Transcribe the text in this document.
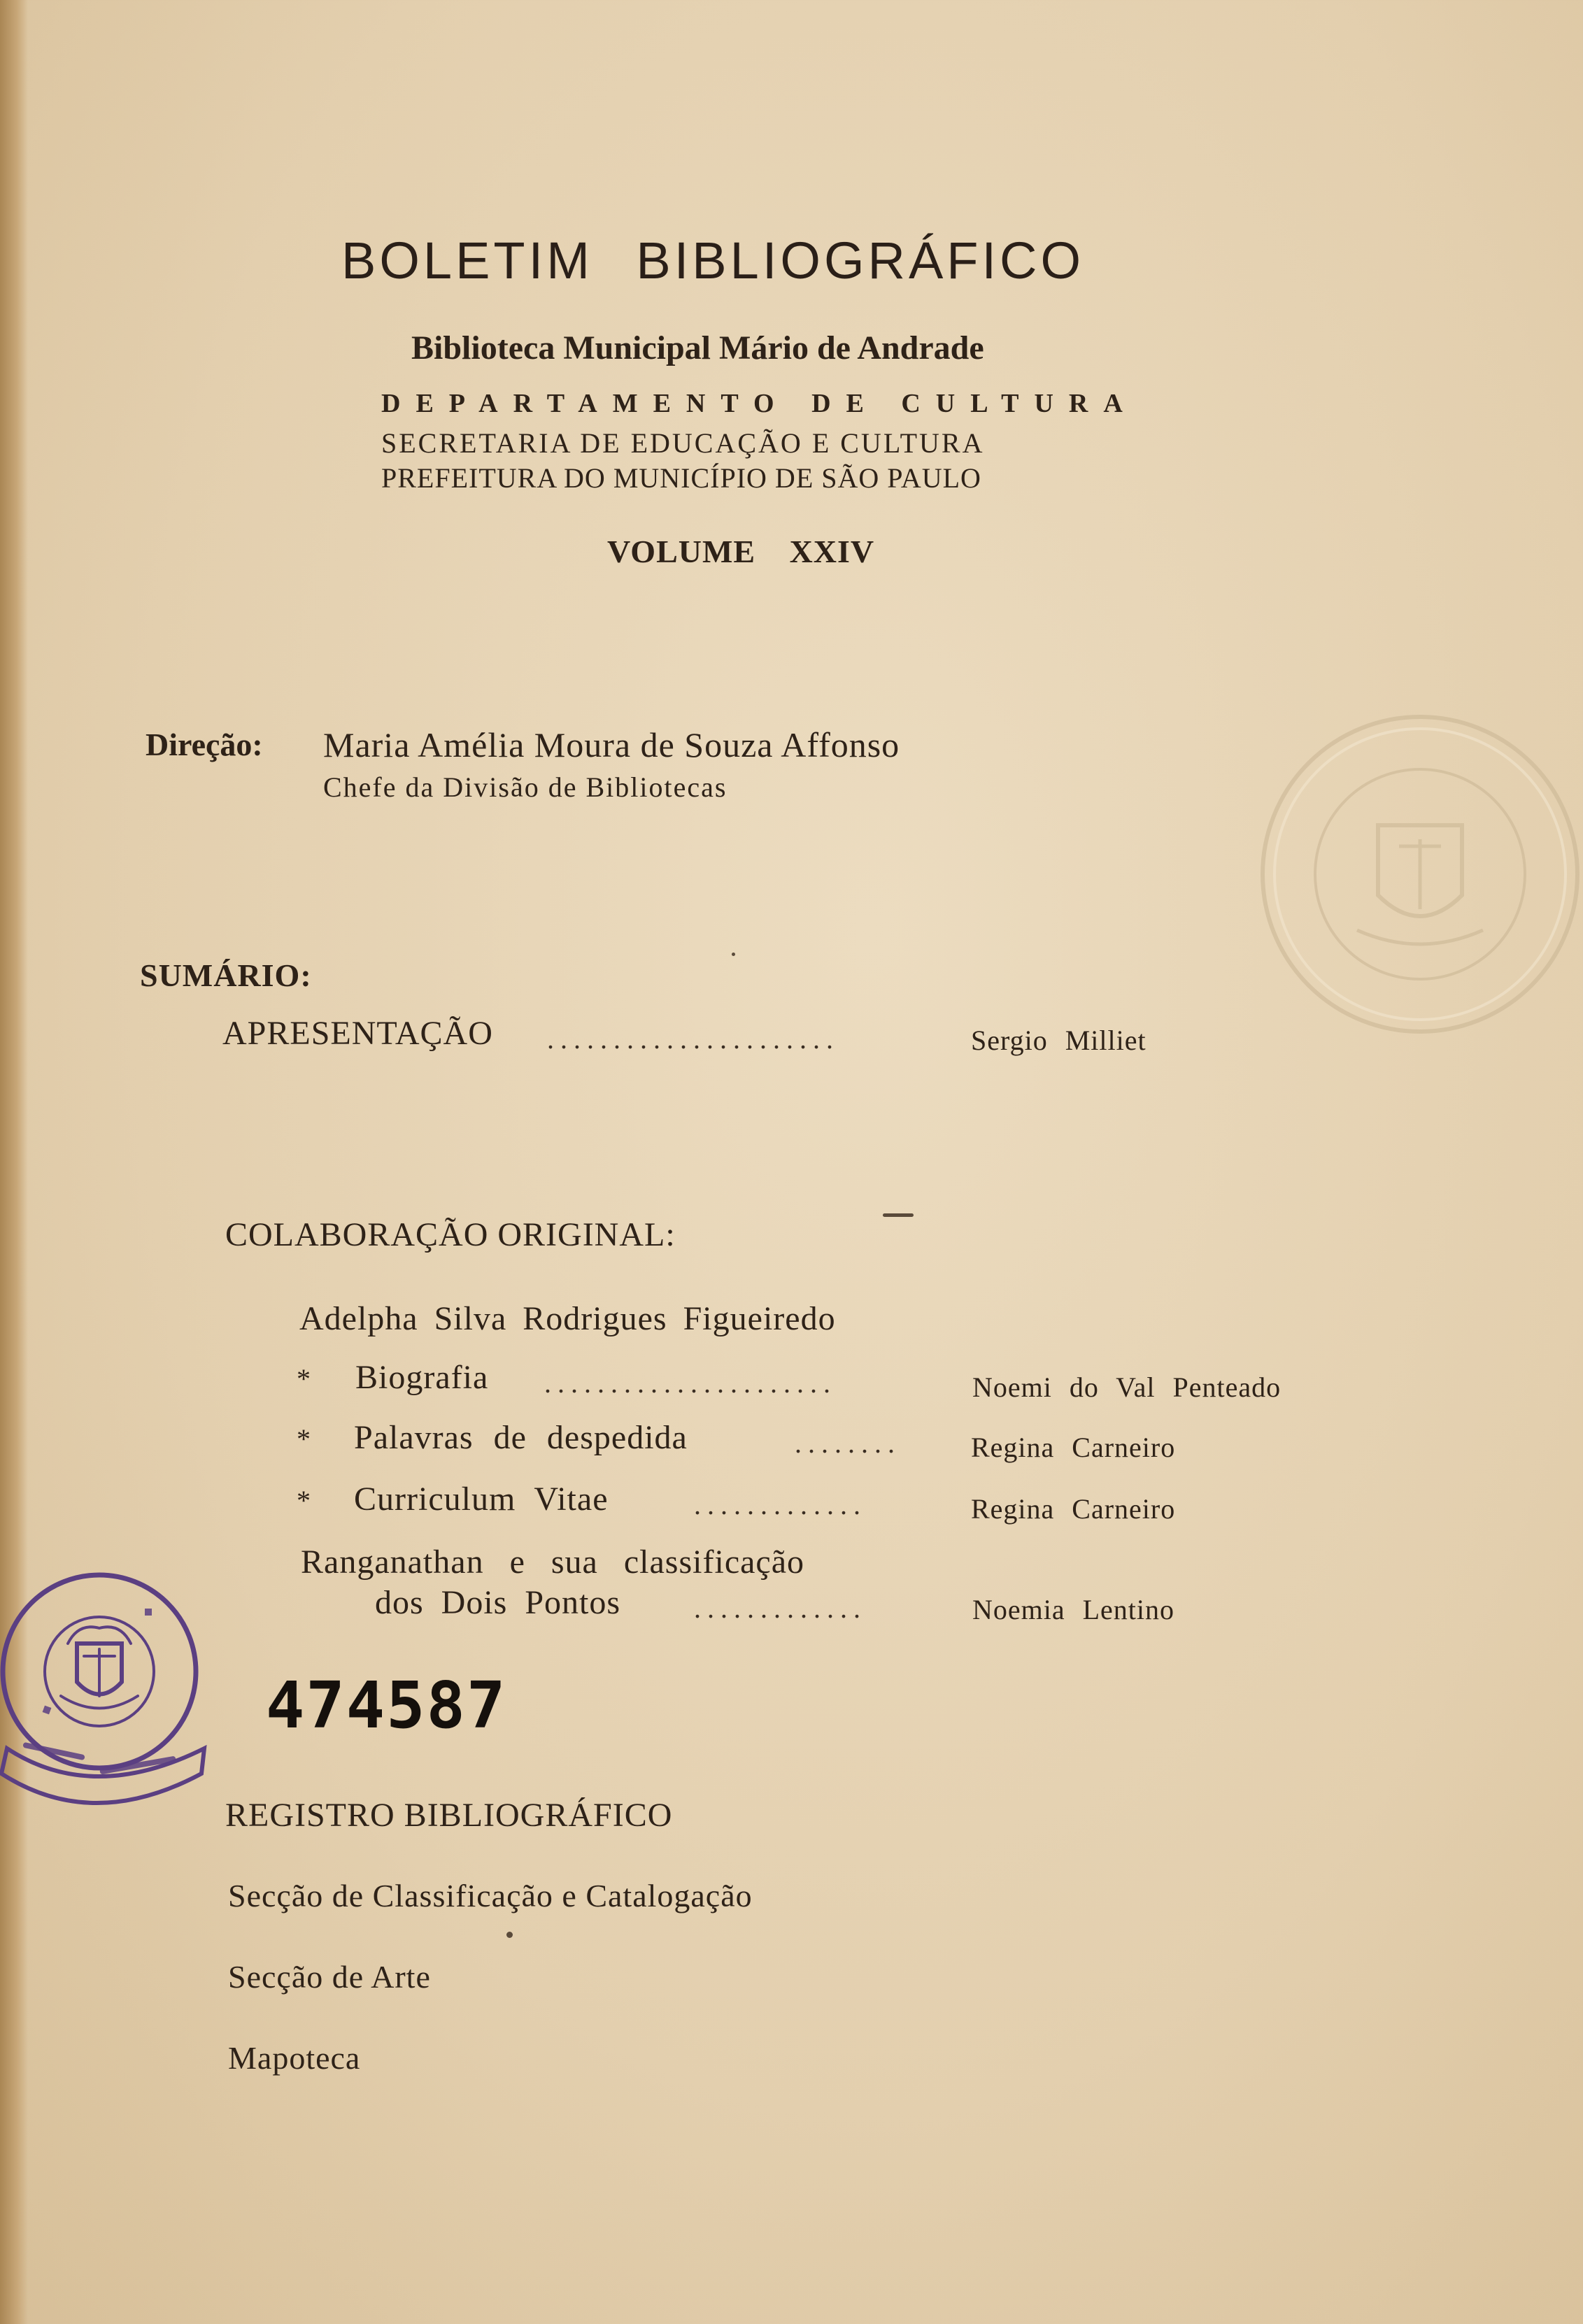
BOLETIM BIBLIOGRÁFICO
Biblioteca Municipal Mário de Andrade
DEPARTAMENTO DE CULTURA
SECRETARIA DE EDUCAÇÃO E CULTURA
PREFEITURA DO MUNICÍPIO DE SÃO PAULO
VOLUME XXIV
Direção: Maria Amélia Moura de Souza Affonso
Chefe da Divisão de Bibliotecas
SUMÁRIO:
APRESENTAÇÃO ......................	Sergio Milliet
COLABORAÇÃO ORIGINAL:
Adelpha Silva Rodrigues Figueiredo
* Biografia ......................	Noemi do Val Penteado
* Palavras de despedida	........	Regina Carneiro
* Curriculum Vitae	.............	Regina Carneiro
Ranganathan e sua classificação
dos Dois Pontos	.............	Noemia Lentino
474587
REGISTRO BIBLIOGRÁFICO
Secção de Classificação e Catalogação
Secção de Arte
Mapoteca
